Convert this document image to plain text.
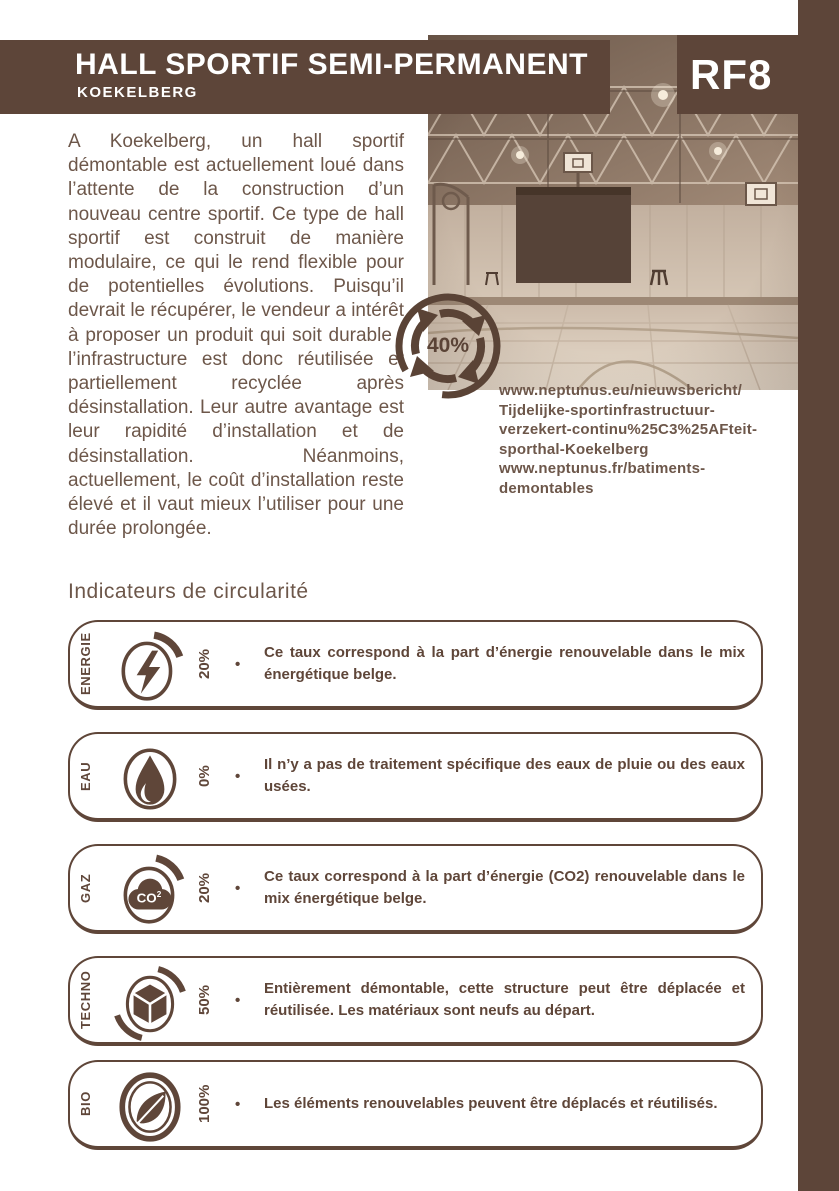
HALL SPORTIF SEMI-PERMANENT
KOEKELBERG	RF8
A Koekelberg, un hall sportif démontable est actuellement loué dans l’attente de la construction d’un nouveau centre sportif. Ce type de hall sportif est construit de manière modulaire, ce qui le rend flexible pour de potentielles évolutions. Puisqu’il devrait le récupérer, le vendeur a intérêt à proposer un produit qui soit durable : l’infrastructure est donc réutilisée et partiellement recyclée après désinstallation. Leur autre avantage est leur rapidité d’installation et de désinstallation. Néanmoins, actuellement, le coût d’installation reste élevé et il vaut mieux l’utiliser pour une durée prolongée.
40%
www.neptunus.eu/nieuwsbericht/
Tijdelijke-sportinfrastructuur-
verzekert-continu%25C3%25AFteit-
sporthal-Koekelberg
www.neptunus.fr/batiments-
demontables
Indicateurs de circularité
ENERGIE	20% •
Ce taux correspond à la part d’énergie renouvelable dans le mix énergétique belge.
EAU	0% •
Il n’y a pas de traitement spécifique des eaux de pluie ou des eaux usées.
GAZ	$CO^2$ 20% •
Ce taux correspond à la part d’énergie (CO2) renouvelable dans le mix énergétique belge.
TECHNO	50% •
Entièrement démontable, cette structure peut être déplacée et réutilisée. Les matériaux sont neufs au départ.
BIO	100% • Les éléments renouvelables peuvent être déplacés et réutilisés.
